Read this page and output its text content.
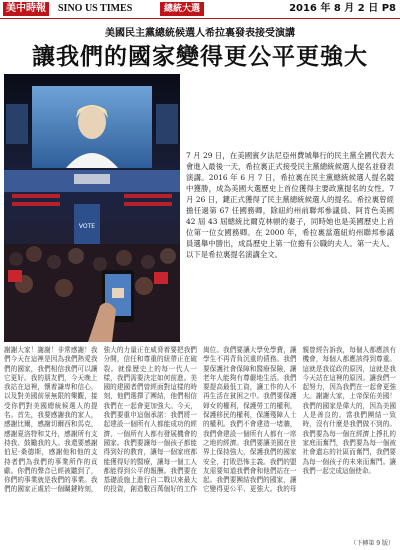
美中時報	SINO US TIMES	總統大選	2016 年 8 月 2 日 P8
美國民主黨總統候選人希拉裏發表接受演講
讓我們的國家變得更公平更強大
VOTE
7 月 29 日，在美國賓夕法尼亞州費城舉行的民主黨全國代表大會進入最後一天，希拉裏正式接受民主黨總統候選人提名並發表演講。2016 年 6 月 7 日，希拉裏在民主黨總統候選人提名競中獲勝，成為美國大選歷史上首位獲得主要政黨提名的女性。7 月 26 日，鍵正式獲得了民主黨總統候選人的提名。希拉裏曾經擔任過第 67 任國務卿，除紐約州前聯邦參議員、阿肯色美國 42 屆 43 屆總統比爾克林頓的妻子，同時她也是美國歷史上首位第一位女國務卿。在 2000 年，希拉裏當選紐約州聯邦參議員選舉中勝出，成爲歷史上第一位擔有公職的夫人。第一夫人。以下是希拉裏提名演講全文。
謝謝大家！謝謝！非常感謝！我們今天在這裡是因為我們熱愛我們的國家，我們相信我們可以讓它更好。我的朋友們，今天晚上我站在這裡，懷着謙卑和信心，以及對美國前景無限的樂觀，接受你們對美國總統候選人的提名。首先，我要感謝我的家人，感謝比爾，感謝切爾西和馬克，感謝夏洛特和艾丹，感謝所有支持我、鼓勵我的人。我還要感謝伯尼·桑德斯，感謝他和他的支持者們為我們的事業所作的貢獻。你們的聲音已經被聽到了，你們的事業就是我們的事業。我們的國家正處於一個關鍵時刻，強大的力量正在威脅着要把我們分開，信任和尊重的紐帶正在破裂。就像歷史上的每一代人一樣，我們需要決定如何前進。美國的建國者們曾經面對這樣的時刻，他們選擇了團結，他們相信我們在一起會更加強大。今天，我們要重申這個承諾：我們將一起建設一個所有人都能成功的經濟，一個所有人都有發展機會的國家。我們要讓每一個孩子都能得到好的教育，讓每一個家庭都能獲得好的醫療，讓每一個工人都能得到公平的報酬。我們要在基礎設施上進行自二戰以來最大的投資，創造數百萬個好的工作崗位。我們要讓大學免學費，讓學生不再背負沉重的債務。我們要保護社會保障和醫療保險，讓老年人能夠有尊嚴地生活。我們要提高最低工資，讓工作的人不再生活在貧困之中。我們要保護婦女的權利，保護勞工的權利，保護移民的權利，保護殘障人士的權利。我們不會建造一堵牆，我們會建設一個所有人都有一席之地的經濟。我們要讓美國在世界上保持強大，保護我們的國家安全，打敗恐怖主義。我們的盟友需要知道我們會和他們站在一起。我們要團結我們的國家，讓它變得更公平、更強大。我的母親曾經告訴我，每個人都應該有機會，每個人都應該得到尊重。這就是我從政的原因，這就是我今天站在這裡的原因。讓我們一起努力，因為我們在一起會更強大。謝謝大家，上帝保佑美國！我們的國家是偉大的，因為美國人是善良的。當我們團結一致時，沒有什麼是我們做不到的。我們要為每一個在經濟上掙扎的家庭而奮鬥，我們要為每一個被社會遺忘的社區而奮鬥，我們要為每一個孩子的未來而奮鬥。讓我們一起完成這個使命。
（下轉第 9 版）
